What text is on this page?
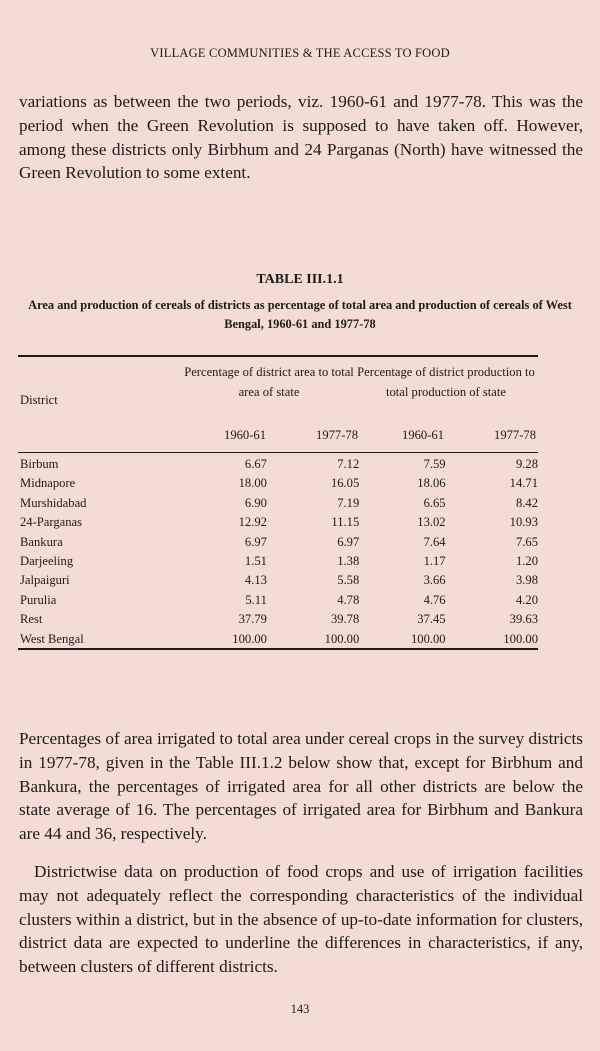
VILLAGE COMMUNITIES & THE ACCESS TO FOOD

variations as between the two periods, viz. 1960-61 and 1977-78. This was the period when the Green Revolution is supposed to have taken off. However, among these districts only Birbhum and 24 Parganas (North) have witnessed the Green Revolution to some extent.

TABLE III.1.1
Area and production of cereals of districts as percentage of total area and production of cereals of West Bengal, 1960-61 and 1977-78
District
Percentage of district area to total area of state
Percentage of district production to total production of state
1960-61	1977-78	1960-61	1977-78
Birbum	6.67	7.12	7.59	9.28
Midnapore	18.00	16.05	18.06	14.71
Murshidabad	6.90	7.19	6.65	8.42
24-Parganas	12.92	11.15	13.02	10.93
Bankura	6.97	6.97	7.64	7.65
Darjeeling	1.51	1.38	1.17	1.20
Jalpaiguri	4.13	5.58	3.66	3.98
Purulia	5.11	4.78	4.76	4.20
Rest	37.79	39.78	37.45	39.63
West Bengal	100.00	100.00	100.00	100.00

Percentages of area irrigated to total area under cereal crops in the survey districts in 1977-78, given in the Table III.1.2 below show that, except for Birbhum and Bankura, the percentages of irrigated area for all other districts are below the state average of 16. The percentages of irrigated area for Birbhum and Bankura are 44 and 36, respectively.

Districtwise data on production of food crops and use of irrigation facilities may not adequately reflect the corresponding characteristics of the individual clusters within a district, but in the absence of up-to-date information for clusters, district data are expected to underline the differences in characteristics, if any, between clusters of different districts.

143
